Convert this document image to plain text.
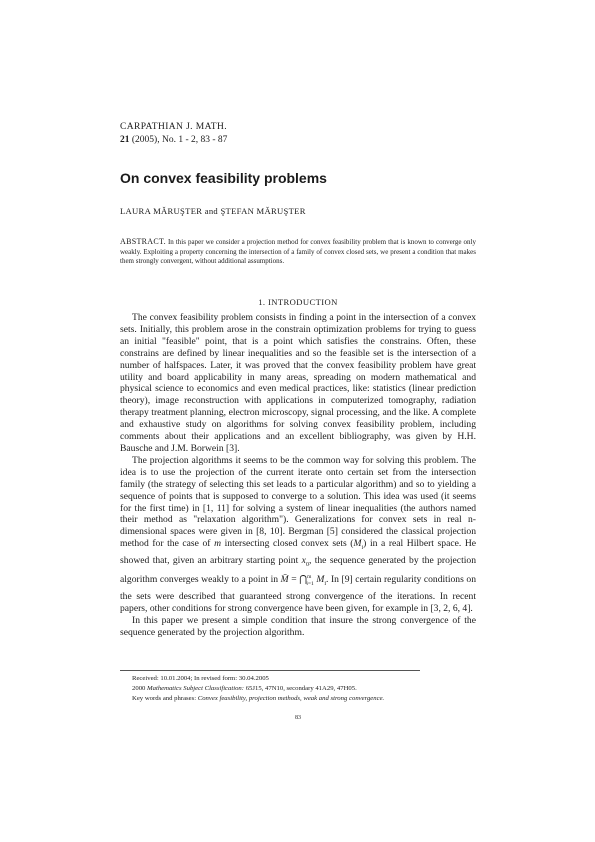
CARPATHIAN J. MATH.
21 (2005), No. 1 - 2, 83 - 87
On convex feasibility problems
LAURA MĂRUŞTER and ŞTEFAN MĂRUŞTER
ABSTRACT. In this paper we consider a projection method for convex feasibility problem that is known to converge only weakly. Exploiting a property concerning the intersection of a family of convex closed sets, we present a condition that makes them strongly convergent, without additional assumptions.
1. INTRODUCTION

The convex feasibility problem consists in finding a point in the intersection of a convex sets. Initially, this problem arose in the constrain optimization problems for trying to guess an initial "feasible" point, that is a point which satisfies the constrains. Often, these constrains are defined by linear inequalities and so the feasible set is the intersection of a number of halfspaces. Later, it was proved that the convex feasibility problem have great utility and board applicability in many areas, spreading on modern mathematical and physical science to economics and even medical practices, like: statistics (linear prediction theory), image reconstruction with applications in computerized tomography, radiation therapy treatment planning, electron microscopy, signal processing, and the like. A complete and exhaustive study on algorithms for solving convex feasibility problem, including comments about their applications and an excellent bibliography, was given by H.H. Bausche and J.M. Borwein [3].

The projection algorithms it seems to be the common way for solving this problem. The idea is to use the projection of the current iterate onto certain set from the intersection family (the strategy of selecting this set leads to a particular algorithm) and so to yielding a sequence of points that is supposed to converge to a solution. This idea was used (it seems for the first time) in [1, 11] for solving a system of linear inequalities (the authors named their method as "relaxation algorithm"). Generalizations for convex sets in real n-dimensional spaces were given in [8, 10]. Bergman [5] considered the classical projection method for the case of m intersecting closed convex sets $(M_i)$ in a real Hilbert space. He showed that, given an arbitrary starting point $x_0$, the sequence generated by the projection algorithm converges weakly to a point in M̄ = ⋂$^m_{i=1}$ $M_i$. In [9] certain regularity conditions on the sets were described that guaranteed strong convergence of the iterations. In recent papers, other conditions for strong convergence have been given, for example in [3, 2, 6, 4].

In this paper we present a simple condition that insure the strong convergence of the sequence generated by the projection algorithm.

Received: 10.01.2004; In revised form: 30.04.2005
2000 Mathematics Subject Classification: 65J15, 47N10, secondary 41A29, 47H05.
Key words and phrases: Convex feasibility, projection methods, weak and strong convergence.
83
